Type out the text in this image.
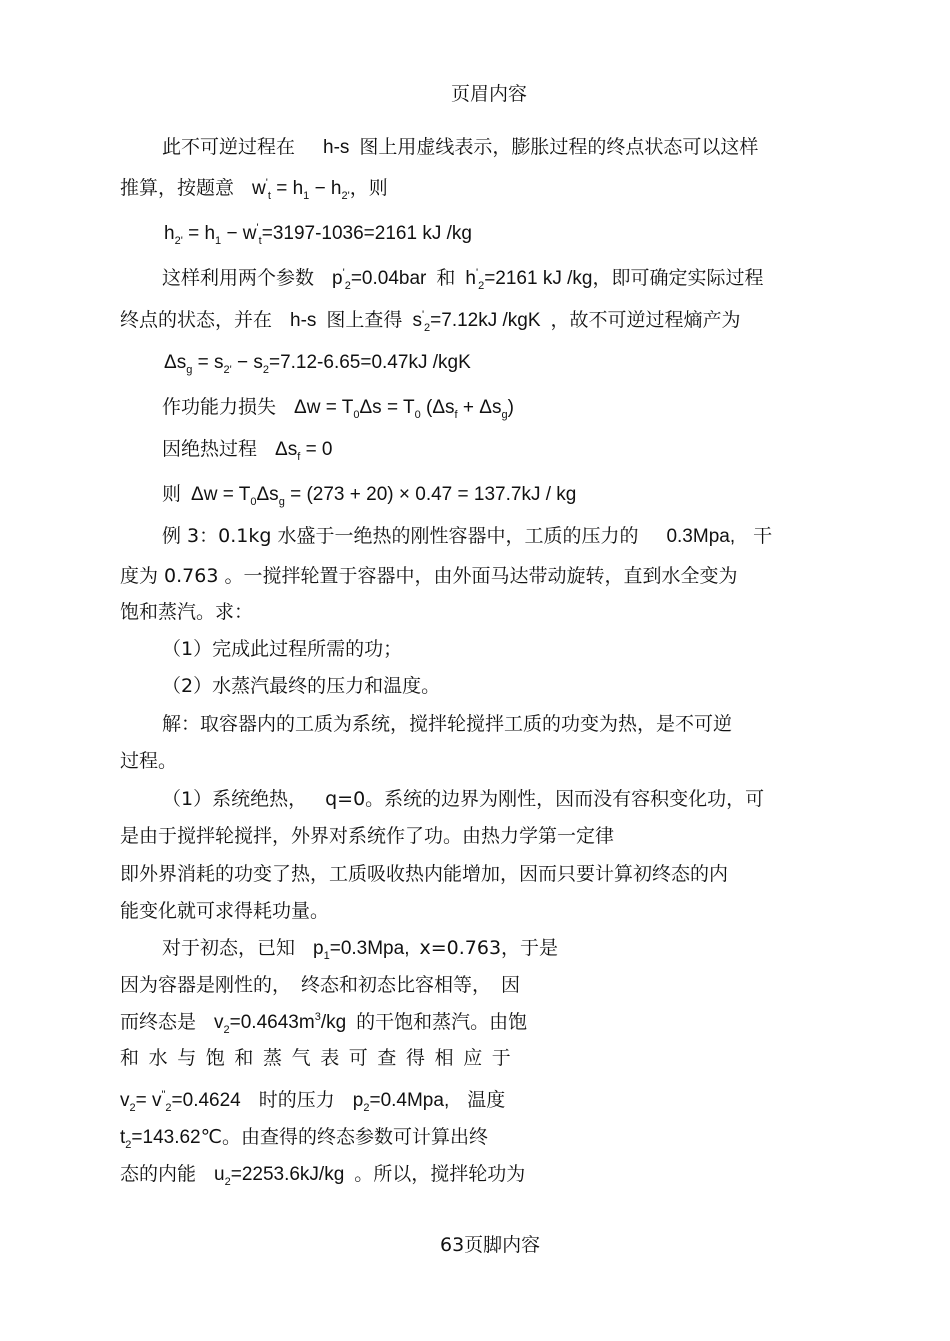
页眉内容
此不可逆过程在 h-s 图上用虚线表示，膨胀过程的终点状态可以这样
推算，按题意 $w'_t = h_1 - h_{2'}$，则
$h_{2'} = h_1 - w'_t=3197-1036=2161$ kJ /kg
这样利用两个参数 $p'_2=0.04bar$ 和 $h'_2=2161$ kJ /kg，即可确定实际过程
终点的状态，并在 h-s 图上查得 $s'_2=7.12kJ$ /kgK ，故不可逆过程熵产为
$\Delta s_g = s_{2'} - s_2=7.12-6.65=0.47kJ$ /kgK
作功能力损失 $\Delta w = T_0\Delta s = T_0$ $(\Delta s_f + \Delta s_g)$
因绝热过程 $\Delta s_f = 0$
则 $\Delta w = T_0\Delta s_g = (273 + 20) \times 0.47 = 137.7kJ$ / kg
例 3：0.1kg 水盛于一绝热的刚性容器中，工质的压力的 0.3Mpa, 干
度为 0.763 。一搅拌轮置于容器中，由外面马达带动旋转，直到水全变为
饱和蒸汽。求：
（1）完成此过程所需的功；
（2）水蒸汽最终的压力和温度。
解：取容器内的工质为系统，搅拌轮搅拌工质的功变为热，是不可逆
过程。
（1）系统绝热， q=0。系统的边界为刚性，因而没有容积变化功，可
是由于搅拌轮搅拌，外界对系统作了功。由热力学第一定律
即外界消耗的功变了热，工质吸收热内能增加，因而只要计算初终态的内
能变化就可求得耗功量。
对于初态，已知 $p_1=0.3Mpa$, x=0.763，于是
因为容器是刚性的， 终态和初态比容相等， 因
而终态是 $v_2=0.4643m^3/kg$ 的干饱和蒸汽。由饱
和水与饱和蒸气表可查得相应于
$v_2= v^"_2=0.4624$ 时的压力 $p_2=0.4Mpa$, 温度
$t_2=143.62℃$。由查得的终态参数可计算出终
态的内能 $u_2=2253.6kJ/kg$ 。所以，搅拌轮功为
63页脚内容
